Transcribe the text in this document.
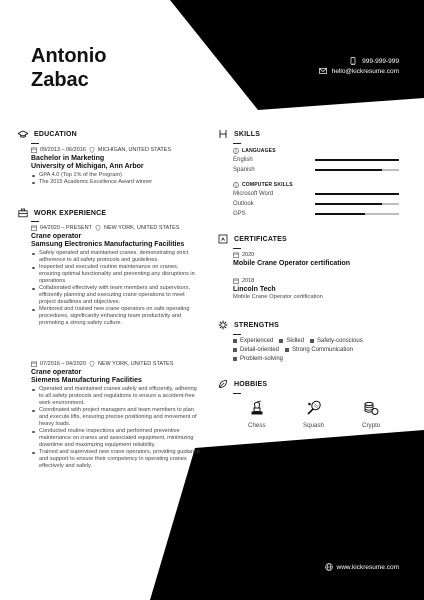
Antonio
Zabac
999-999-999
hello@kickresume.com
EDUCATION
09/2013 – 06/2016 MICHIGAN, UNITED STATES
Bachelor in Marketing
University of Michigan, Ann Arbor
GPA 4.0 (Top 1% of the Program)
The 2015 Academic Excellence Award winner
WORK EXPERIENCE
04/2020 – PRESENT NEW YORK, UNITED STATES
Crane operator
Samsung Electronics Manufacturing Facilities
Safely operated and maintained cranes, demonstrating strict adherence to all safety protocols and guidelines.
Inspected and executed routine maintenance on cranes, ensuring optimal functionality and preventing any disruptions in operations.
Collaborated effectively with team members and supervisors, efficiently planning and executing crane operations to meet project deadlines and objectives.
Mentored and trained new crane operators on safe operating procedures, significantly enhancing team productivity and promoting a strong safety culture.
07/2016 – 04/2020 NEW YORK, UNITED STATES
Crane operator
Siemens Manufacturing Facilities
Operated and maintained cranes safely and efficiently, adhering to all safety protocols and regulations to ensure a accident-free work environment.
Coordinated with project managers and team members to plan and execute lifts, ensuring precise positioning and movement of heavy loads.
Conducted routine inspections and performed preventive maintenance on cranes and associated equipment, minimizing downtime and maximizing equipment reliability.
Trained and supervised new crane operators, providing guidance and support to ensure their competency in operating cranes effectively and safely.
SKILLS
LANGUAGES
English
Spanish
COMPUTER SKILLS
Microsoft Word
Outlook
GPS
CERTIFICATES
2020
Mobile Crane Operator certification
2018
Lincoln Tech
Mobile Crane Operator certification
STRENGTHS
Experienced Skilled Safety-conscious
Detail-oriented Strong Communication
Problem-solving
HOBBIES
Chess	Squash	Crypto
www.kickresume.com
